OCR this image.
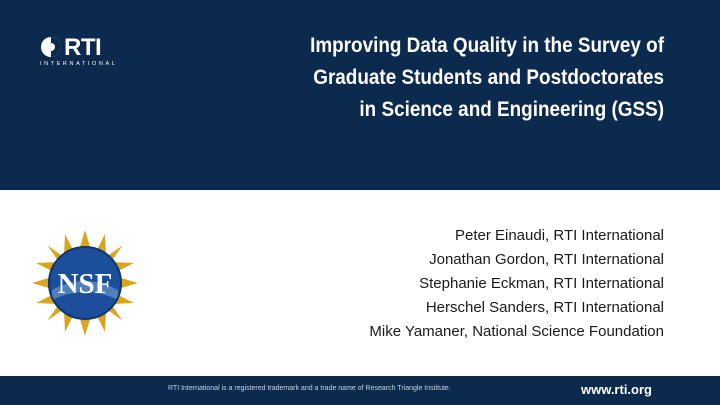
RTI
INTERNATIONAL
Improving Data Quality in the Survey of
Graduate Students and Postdoctorates
in Science and Engineering (GSS)
NSF
Peter Einaudi, RTI International
Jonathan Gordon, RTI International
Stephanie Eckman, RTI International
Herschel Sanders, RTI International
Mike Yamaner, National Science Foundation
RTI International is a registered trademark and a trade name of Research Triangle Institute.	www.rti.org
